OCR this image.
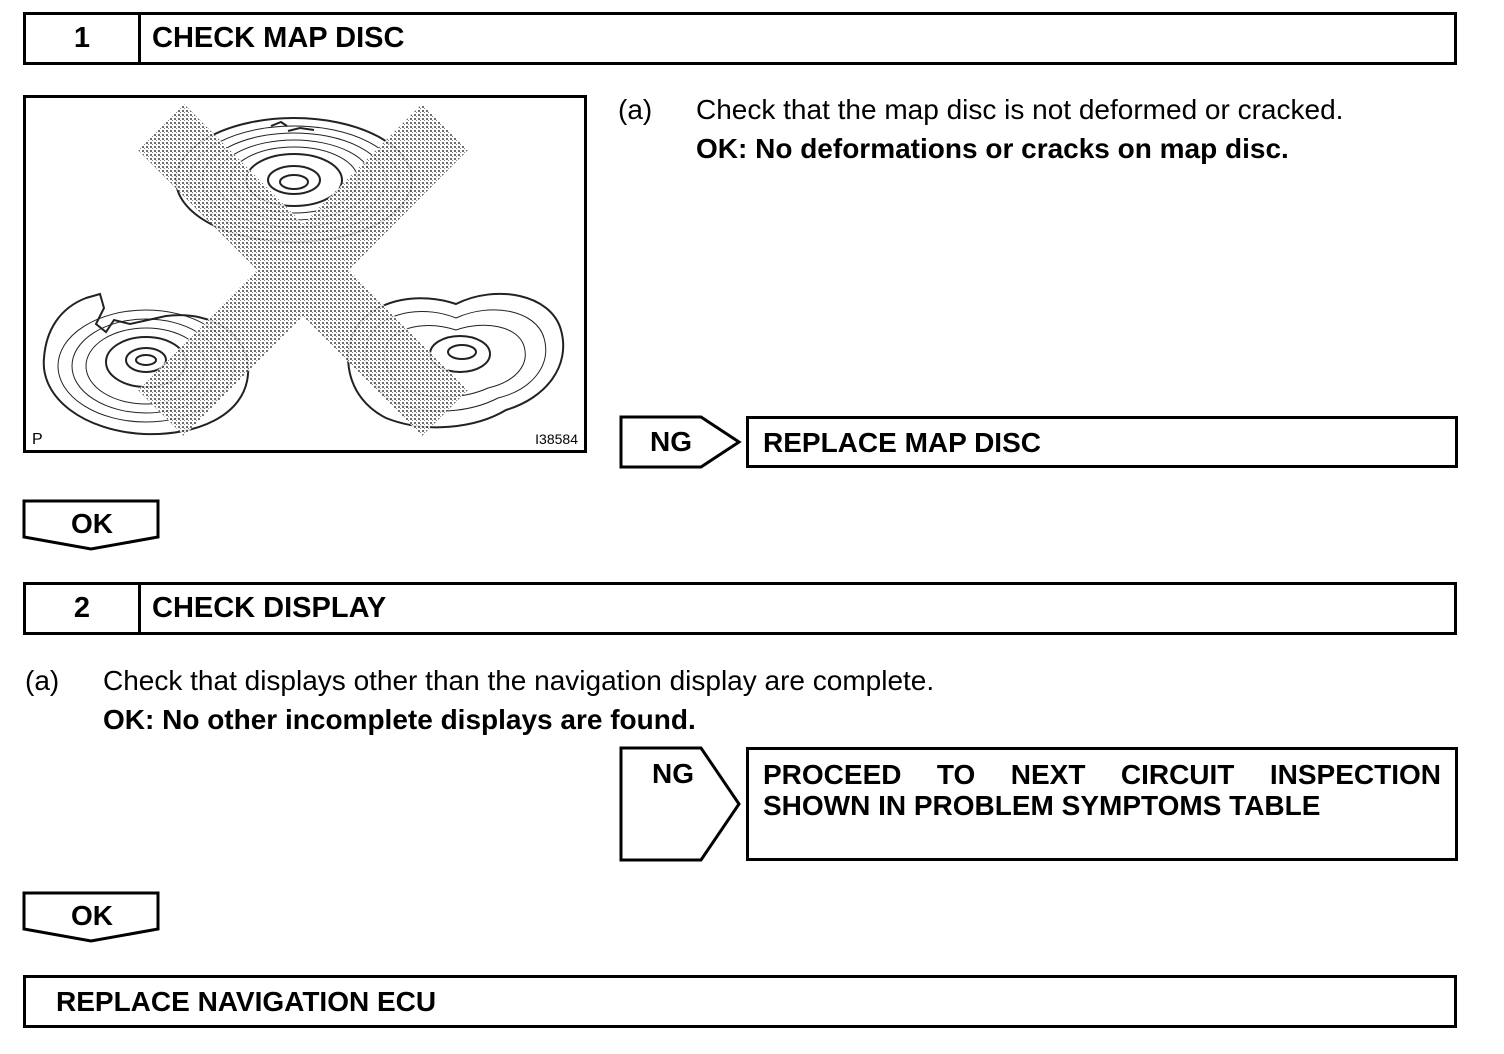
1	CHECK MAP DISC
P	I38584
(a) Check that the map disc is not deformed or cracked.
OK: No deformations or cracks on map disc.
NG	REPLACE MAP DISC
OK
2	CHECK DISPLAY
(a) Check that displays other than the navigation display are complete.
OK: No other incomplete displays are found.
NG PROCEED TO NEXT CIRCUIT INSPECTION
SHOWN IN PROBLEM SYMPTOMS TABLE
OK
REPLACE NAVIGATION ECU
